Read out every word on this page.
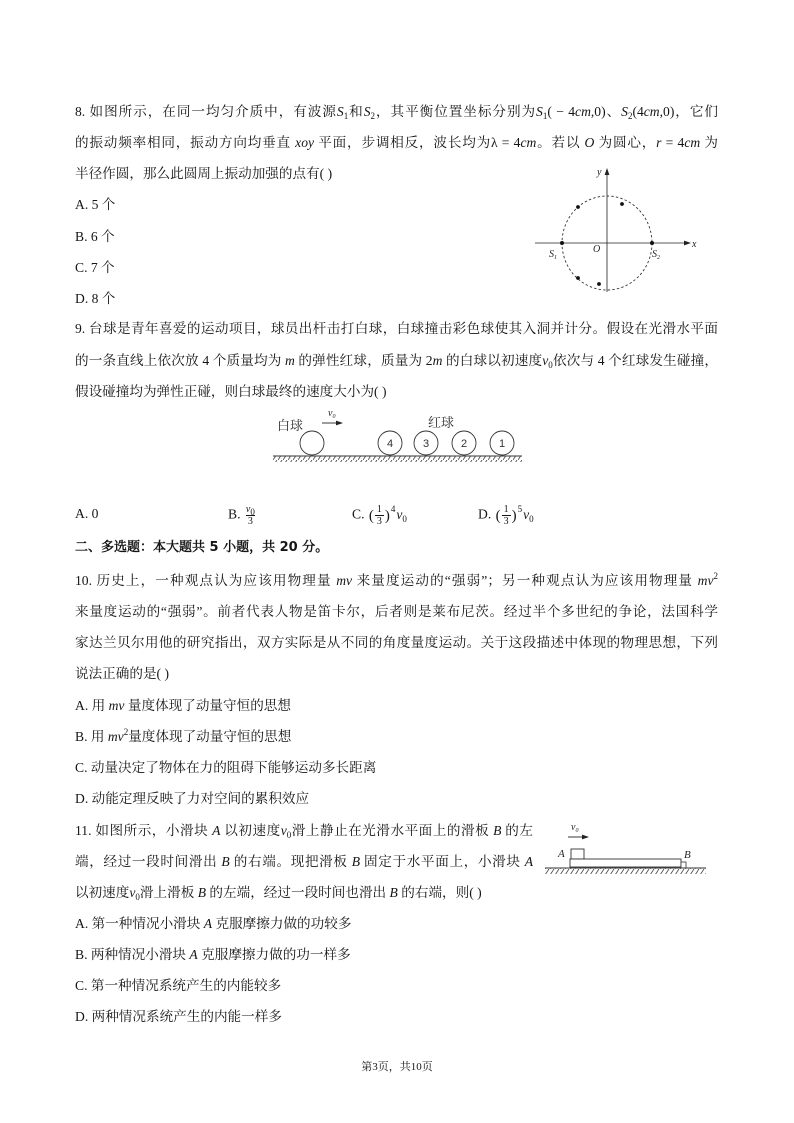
8. 如图所示，在同一均匀介质中，有波源$S_1$和$S_2$，其平衡位置坐标分别为$S_1( - 4cm,0)$、$S_2(4cm,0)$，它们
的振动频率相同，振动方向均垂直 xoy 平面，步调相反，波长均为λ = 4cm。若以 O 为圆心，r = 4cm 为
半径作圆，那么此圆周上振动加强的点有( )
A. 5 个
B. 6 个
C. 7 个
D. 8 个
x
y
O
$S_1$	$S_2$
9. 台球是青年喜爱的运动项目，球员出杆击打白球，白球撞击彩色球使其入洞并计分。假设在光滑水平面
的一条直线上依次放 4 个质量均为 m 的弹性红球，质量为 2m 的白球以初速度$v_0$依次与 4 个红球发生碰撞，
假设碰撞均为弹性正碰，则白球最终的速度大小为( )
白球
$v_0$	红球
4	3	2	1
A. 0	B. $\frac{v_0}{3}$	C. ( $\frac{1}{3} )^4$ $v_0$	D. ( $\frac{1}{3} )^5$ $v_0$
二、多选题：本大题共 5 小题，共 20 分。
10. 历史上，一种观点认为应该用物理量 mv 来量度运动的“强弱”；另一种观点认为应该用物理量 $mv^2$
来量度运动的“强弱”。前者代表人物是笛卡尔，后者则是莱布尼茨。经过半个多世纪的争论，法国科学
家达兰贝尔用他的研究指出，双方实际是从不同的角度量度运动。关于这段描述中体现的物理思想，下列
说法正确的是( )
A. 用 mv 量度体现了动量守恒的思想
B. 用 $mv^2$量度体现了动量守恒的思想
C. 动量决定了物体在力的阻碍下能够运动多长距离
D. 动能定理反映了力对空间的累积效应
11. 如图所示，小滑块 A 以初速度$v_0$滑上静止在光滑水平面上的滑板 B 的左
端，经过一段时间滑出 B 的右端。现把滑板 B 固定于水平面上，小滑块 A
以初速度$v_0$滑上滑板 B 的左端，经过一段时间也滑出 B 的右端，则( )
$v_0$
A	B
A. 第一种情况小滑块 A 克服摩擦力做的功较多
B. 两种情况小滑块 A 克服摩擦力做的功一样多
C. 第一种情况系统产生的内能较多
D. 两种情况系统产生的内能一样多
第3页，共10页
